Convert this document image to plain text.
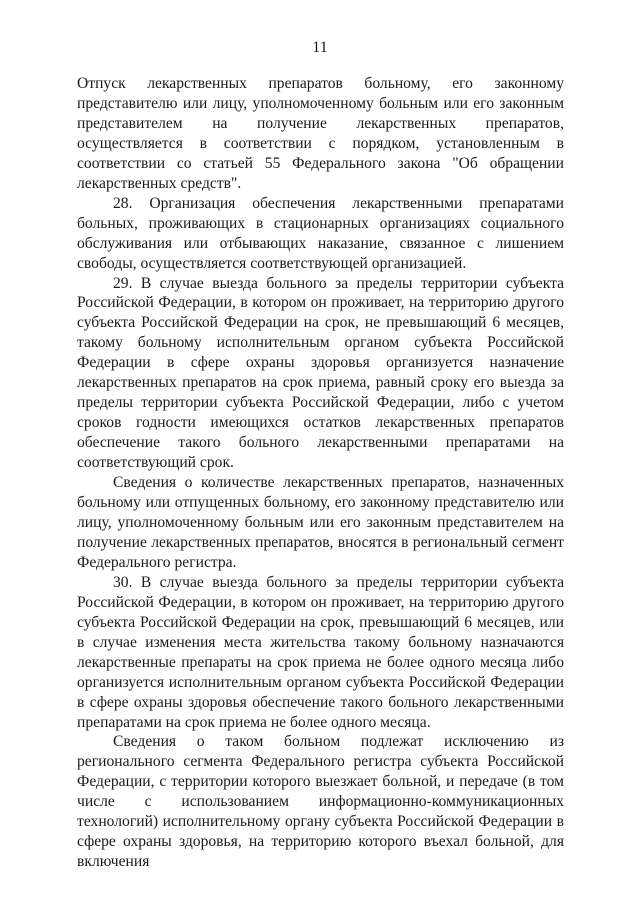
11

Отпуск лекарственных препаратов больному, его законному представителю или лицу, уполномоченному больным или его законным представителем на получение лекарственных препаратов, осуществляется в соответствии с порядком, установленным в соответствии со статьей 55 Федерального закона "Об обращении лекарственных средств".

28. Организация обеспечения лекарственными препаратами больных, проживающих в стационарных организациях социального обслуживания или отбывающих наказание, связанное с лишением свободы, осуществляется соответствующей организацией.

29. В случае выезда больного за пределы территории субъекта Российской Федерации, в котором он проживает, на территорию другого субъекта Российской Федерации на срок, не превышающий 6 месяцев, такому больному исполнительным органом субъекта Российской Федерации в сфере охраны здоровья организуется назначение лекарственных препаратов на срок приема, равный сроку его выезда за пределы территории субъекта Российской Федерации, либо с учетом сроков годности имеющихся остатков лекарственных препаратов обеспечение такого больного лекарственными препаратами на соответствующий срок.

Сведения о количестве лекарственных препаратов, назначенных больному или отпущенных больному, его законному представителю или лицу, уполномоченному больным или его законным представителем на получение лекарственных препаратов, вносятся в региональный сегмент Федерального регистра.

30. В случае выезда больного за пределы территории субъекта Российской Федерации, в котором он проживает, на территорию другого субъекта Российской Федерации на срок, превышающий 6 месяцев, или в случае изменения места жительства такому больному назначаются лекарственные препараты на срок приема не более одного месяца либо организуется исполнительным органом субъекта Российской Федерации в сфере охраны здоровья обеспечение такого больного лекарственными препаратами на срок приема не более одного месяца.

Сведения о таком больном подлежат исключению из регионального сегмента Федерального регистра субъекта Российской Федерации, с территории которого выезжает больной, и передаче (в том числе с использованием информационно-коммуникационных технологий) исполнительному органу субъекта Российской Федерации в сфере охраны здоровья, на территорию которого въехал больной, для включения
